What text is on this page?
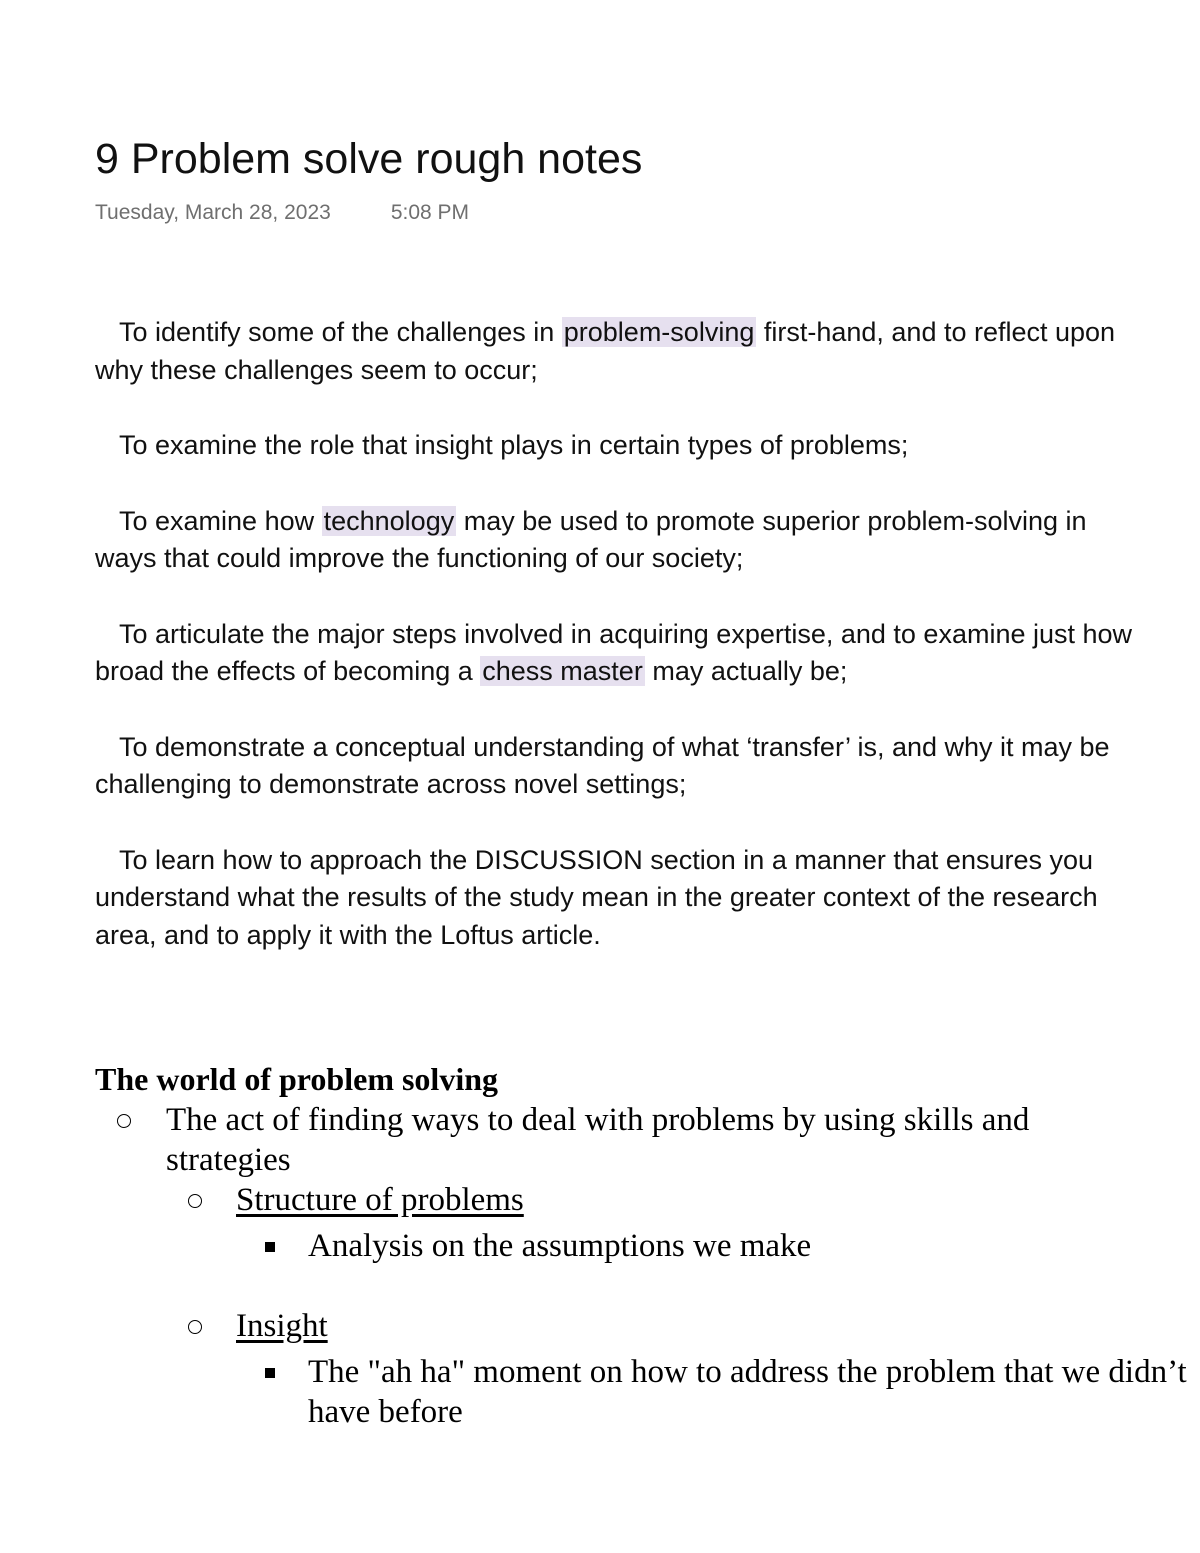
9 Problem solve rough notes
Tuesday, March 28, 2023	5:08 PM

To identify some of the challenges in problem-solving first-hand, and to reflect upon why these challenges seem to occur;

To examine the role that insight plays in certain types of problems;

To examine how technology may be used to promote superior problem-solving in ways that could improve the functioning of our society;

To articulate the major steps involved in acquiring expertise, and to examine just how broad the effects of becoming a chess master may actually be;

To demonstrate a conceptual understanding of what ‘transfer’ is, and why it may be challenging to demonstrate across novel settings;

To learn how to approach the DISCUSSION section in a manner that ensures you understand what the results of the study mean in the greater context of the research area, and to apply it with the Loftus article.

The world of problem solving
The act of finding ways to deal with problems by using skills and strategies
Structure of problems
Analysis on the assumptions we make
Insight
The "ah ha" moment on how to address the problem that we didn’t have before
